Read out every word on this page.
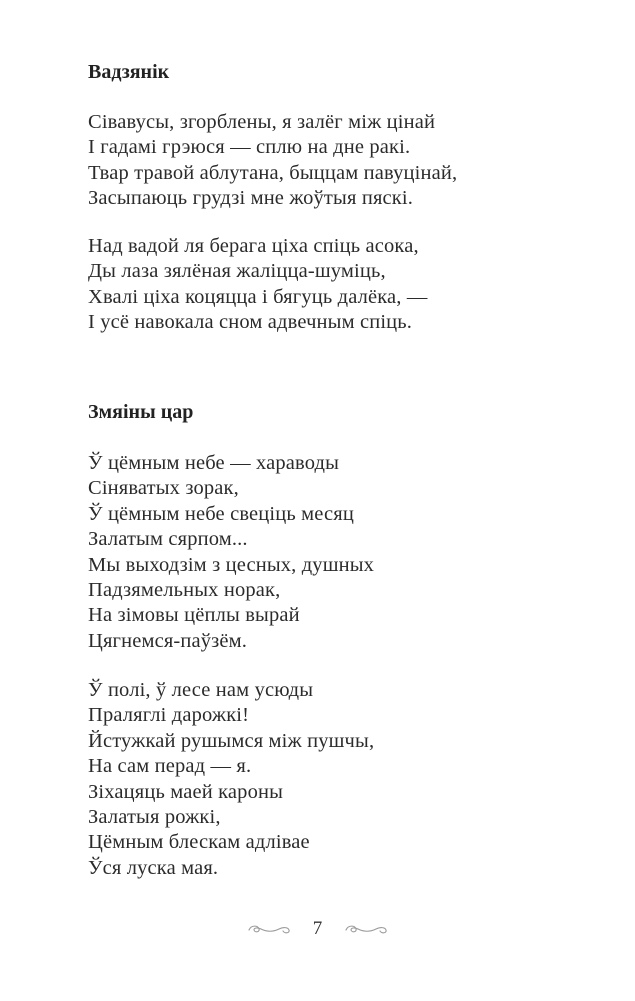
Вадзянік
Сівавусы, згорблены, я залёг між цінай
І гадамі грэюся — сплю на дне ракі.
Твар травой аблутана, быццам павуцінай,
Засыпаюць грудзі мне жоўтыя пяскі.
Над вадой ля берага ціха спіць асока,
Ды лаза зялёная жаліцца-шуміць,
Хвалі ціха коцяцца і бягуць далёка, —
І усё навокала сном адвечным спіць.
Змяіны цар
Ў цёмным небе — хараводы
Сіняватых зорак,
Ў цёмным небе свеціць месяц
Залатым сярпом...
Мы выходзім з цесных, душных
Падзямельных норак,
На зімовы цёплы вырай
Цягнемся-паўзём.
Ў полі, ў лесе нам усюды
Праляглі дарожкі!
Йстужкай рушымся між пушчы,
На сам перад — я.
Зіхацяць маей кароны
Залатыя рожкі,
Цёмным блескам адлівае
Ўся луска мая.
7
